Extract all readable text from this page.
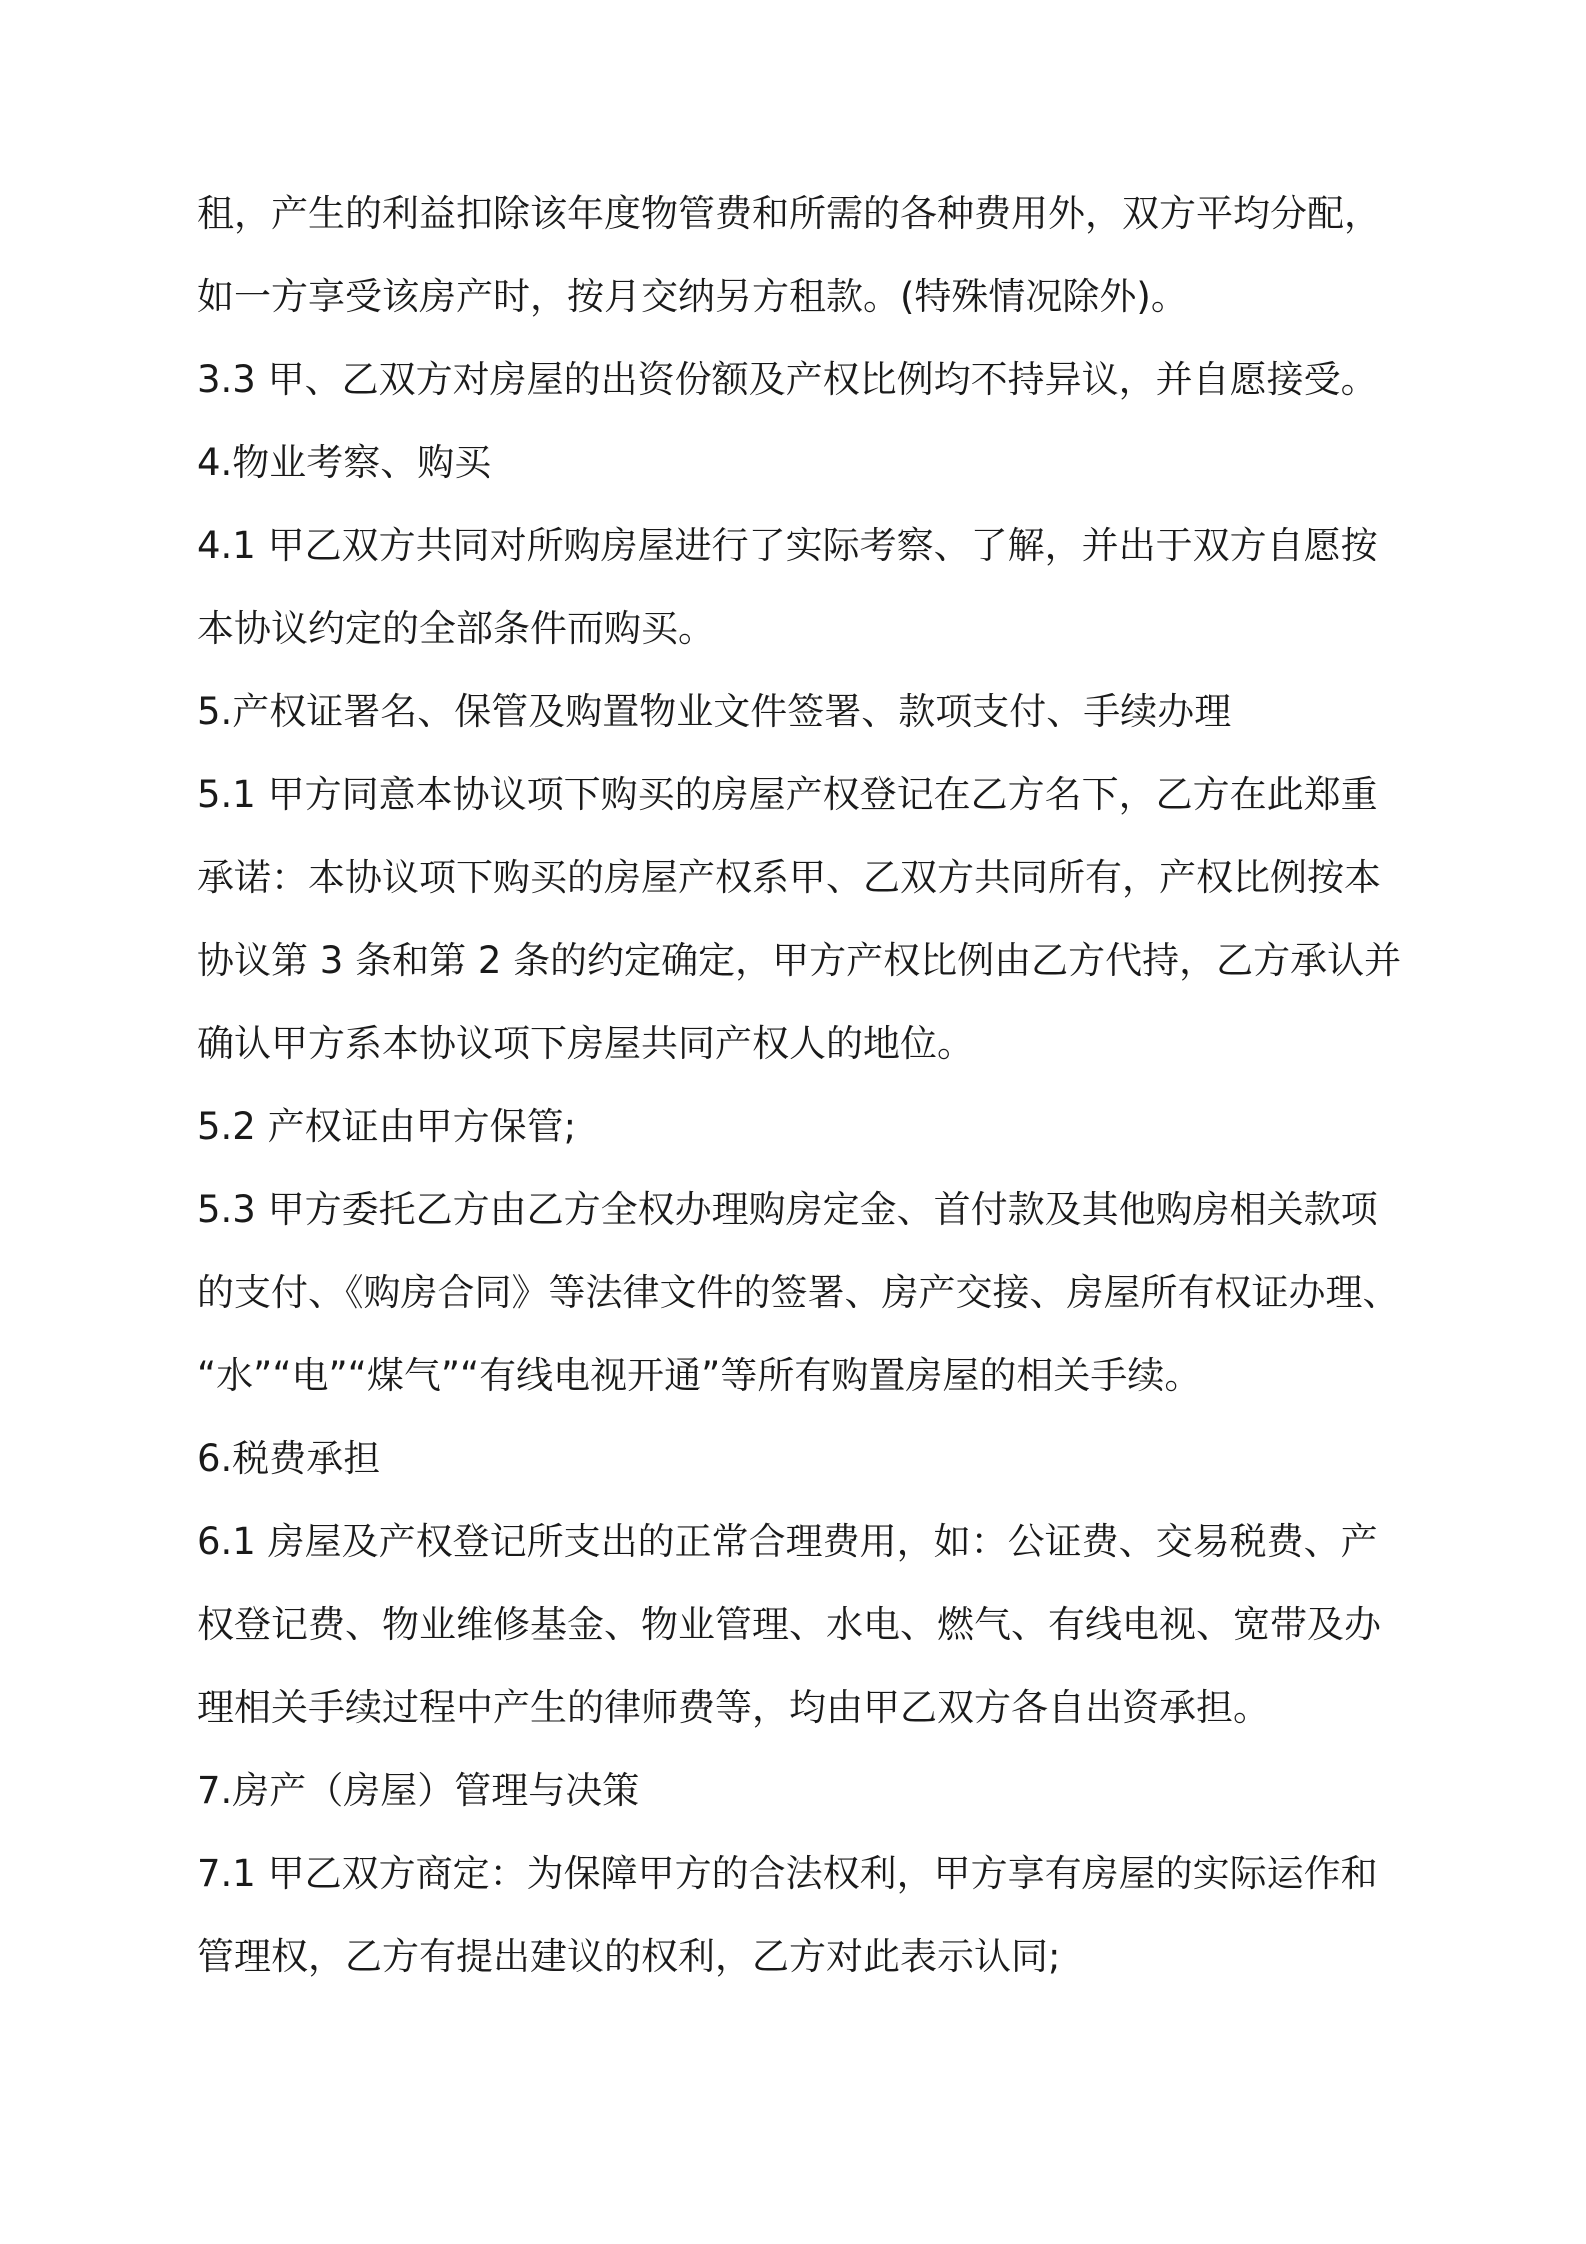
租，产生的利益扣除该年度物管费和所需的各种费用外，双方平均分配，
如一方享受该房产时，按月交纳另方租款。(特殊情况除外)。
3.3 甲、乙双方对房屋的出资份额及产权比例均不持异议，并自愿接受。
4.物业考察、购买
4.1 甲乙双方共同对所购房屋进行了实际考察、了解，并出于双方自愿按
本协议约定的全部条件而购买。
5.产权证署名、保管及购置物业文件签署、款项支付、手续办理
5.1 甲方同意本协议项下购买的房屋产权登记在乙方名下，乙方在此郑重
承诺：本协议项下购买的房屋产权系甲、乙双方共同所有，产权比例按本
协议第 3 条和第 2 条的约定确定，甲方产权比例由乙方代持，乙方承认并
确认甲方系本协议项下房屋共同产权人的地位。
5.2 产权证由甲方保管;
5.3 甲方委托乙方由乙方全权办理购房定金、首付款及其他购房相关款项
的支付、《购房合同》等法律文件的签署、房产交接、房屋所有权证办理、
“水”“电”“煤气”“有线电视开通”等所有购置房屋的相关手续。
6.税费承担
6.1 房屋及产权登记所支出的正常合理费用，如：公证费、交易税费、产
权登记费、物业维修基金、物业管理、水电、燃气、有线电视、宽带及办
理相关手续过程中产生的律师费等，均由甲乙双方各自出资承担。
7.房产（房屋）管理与决策
7.1 甲乙双方商定：为保障甲方的合法权利，甲方享有房屋的实际运作和
管理权，乙方有提出建议的权利，乙方对此表示认同;
